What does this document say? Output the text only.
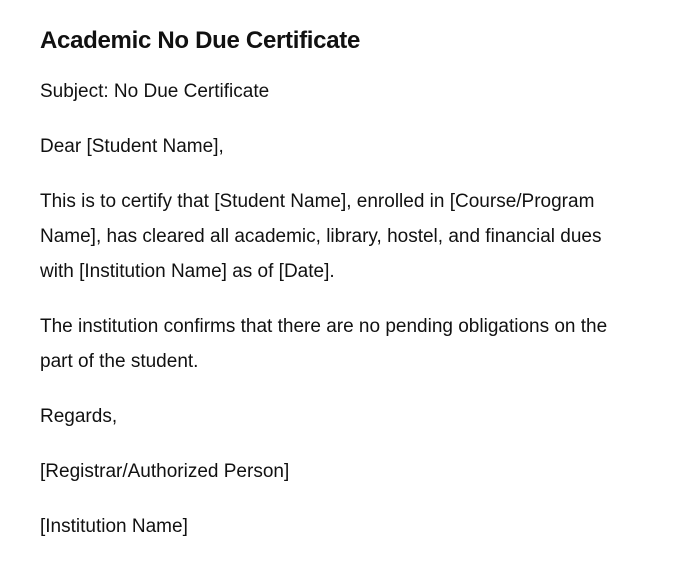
Academic No Due Certificate

Subject: No Due Certificate

Dear [Student Name],

This is to certify that [Student Name], enrolled in [Course/Program Name], has cleared all academic, library, hostel, and financial dues with [Institution Name] as of [Date].

The institution confirms that there are no pending obligations on the part of the student.

Regards,

[Registrar/Authorized Person]

[Institution Name]
